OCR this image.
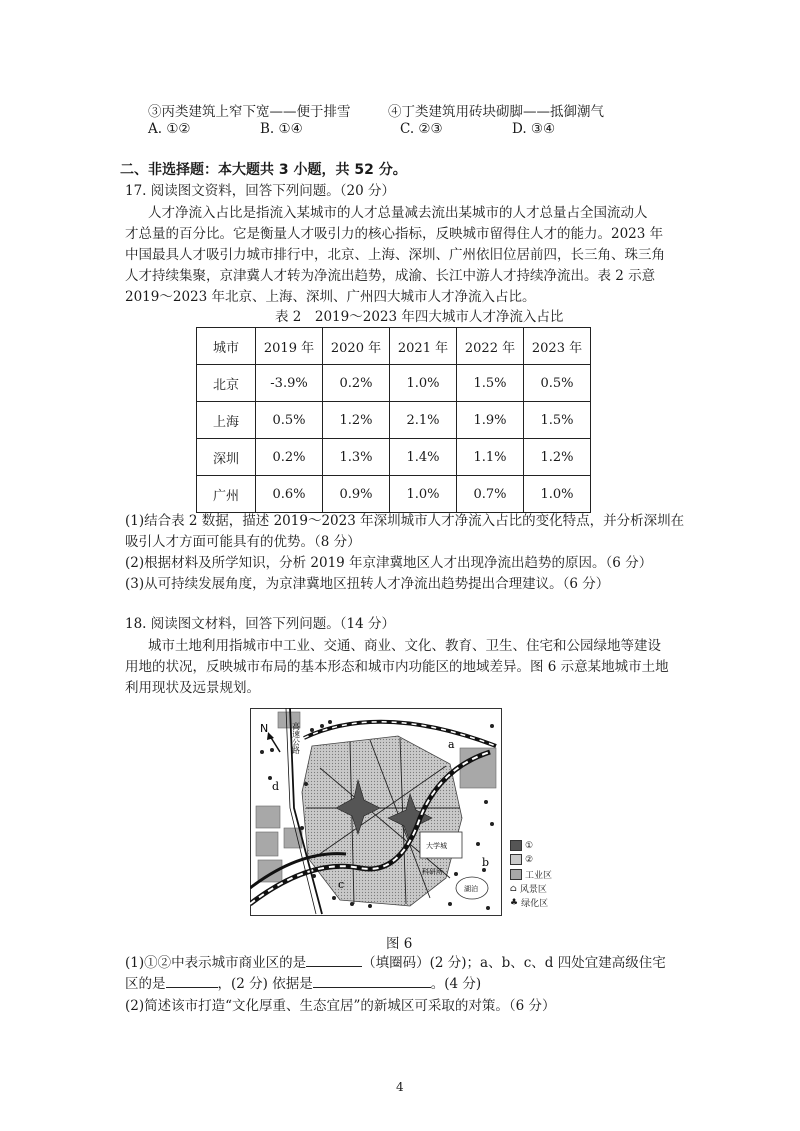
③丙类建筑上窄下宽——便于排雪	④丁类建筑用砖块砌脚——抵御潮气
A. ①②	B. ①④	C. ②③	D. ③④
二、非选择题：本大题共 3 小题，共 52 分。
17. 阅读图文资料，回答下列问题。（20 分）
人才净流入占比是指流入某城市的人才总量减去流出某城市的人才总量占全国流动人
才总量的百分比。它是衡量人才吸引力的核心指标，反映城市留得住人才的能力。2023 年
中国最具人才吸引力城市排行中，北京、上海、深圳、广州依旧位居前四，长三角、珠三角
人才持续集聚，京津冀人才转为净流出趋势，成渝、长江中游人才持续净流出。表 2 示意
2019～2023 年北京、上海、深圳、广州四大城市人才净流入占比。
表 2　2019～2023 年四大城市人才净流入占比
城市	2019 年	2020 年	2021 年	2022 年	2023 年
北京	-3.9%	0.2%	1.0%	1.5%	0.5%
上海	0.5%	1.2%	2.1%	1.9%	1.5%
深圳	0.2%	1.3%	1.4%	1.1%	1.2%
广州	0.6%	0.9%	1.0%	0.7%	1.0%
(1)结合表 2 数据，描述 2019～2023 年深圳城市人才净流入占比的变化特点，并分析深圳在
吸引人才方面可能具有的优势。（8 分）
(2)根据材料及所学知识，分析 2019 年京津冀地区人才出现净流出趋势的原因。（6 分）
(3)从可持续发展角度，为京津冀地区扭转人才净流出趋势提出合理建议。（6 分）
18. 阅读图文材料，回答下列问题。（14 分）
城市土地利用指城市中工业、交通、商业、文化、教育、卫生、住宅和公园绿地等建设
用地的状况，反映城市布局的基本形态和城市内功能区的地域差异。图 6 示意某地城市土地
利用现状及远景规划。
N	高速公路	a
b
c
d
大学城
科研所
湖泊
①
②
工业区
⌂ 风景区
♣ 绿化区
图 6
(1)①②中表示城市商业区的是	（填圈码）(2 分)；a、b、c、d 四处宜建高级住宅
区的是	，(2 分) 依据是	。(4 分)
(2)简述该市打造“文化厚重、生态宜居”的新城区可采取的对策。（6 分）
4
